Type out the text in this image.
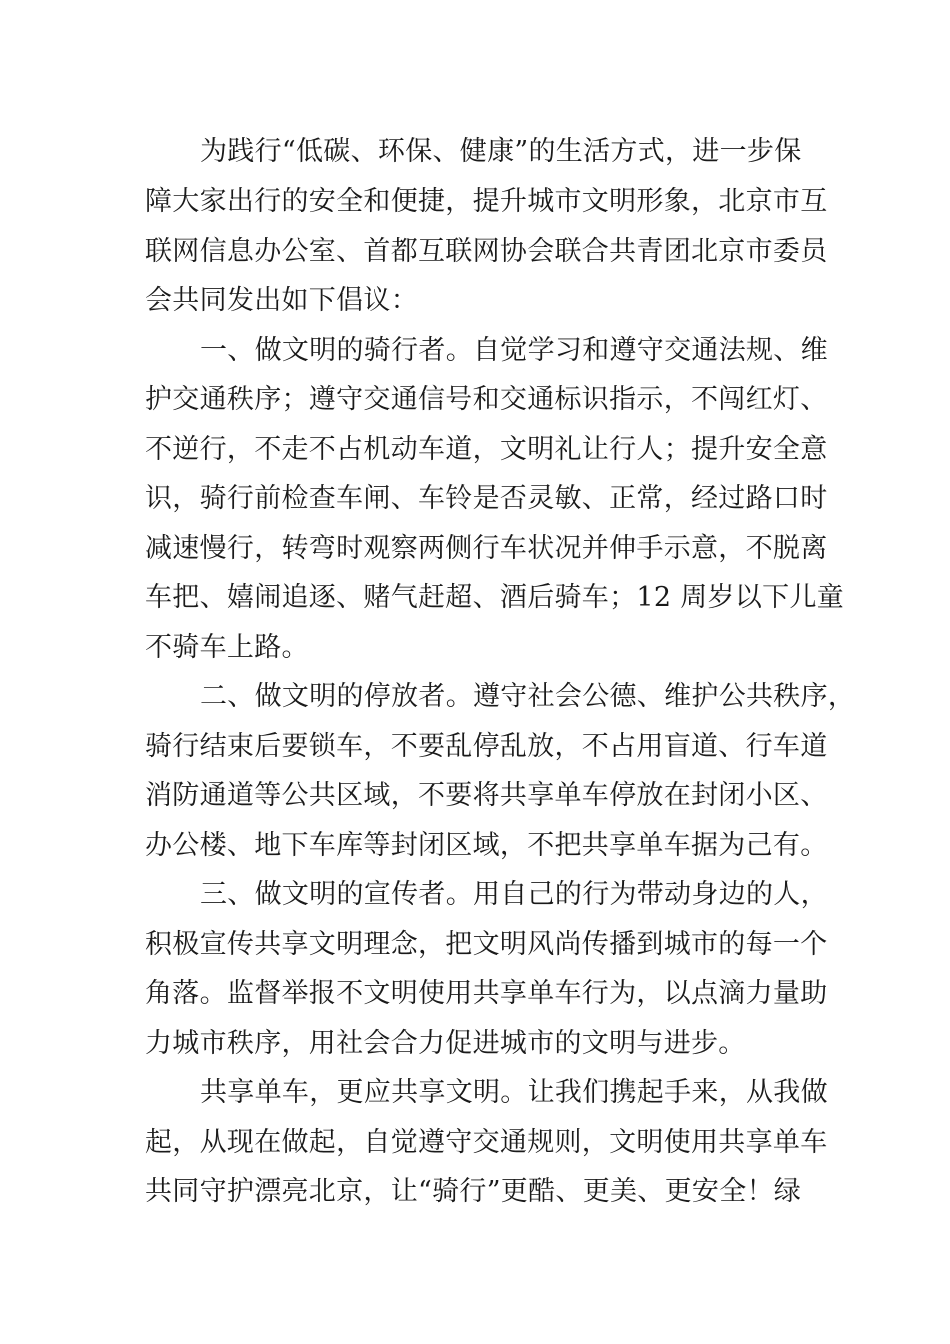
为践行“低碳、环保、健康”的生活方式，进一步保

障大家出行的安全和便捷，提升城市文明形象，北京市互

联网信息办公室、首都互联网协会联合共青团北京市委员

会共同发出如下倡议：

一、做文明的骑行者。自觉学习和遵守交通法规、维

护交通秩序；遵守交通信号和交通标识指示，不闯红灯、

不逆行，不走不占机动车道，文明礼让行人；提升安全意

识，骑行前检查车闸、车铃是否灵敏、正常，经过路口时

减速慢行，转弯时观察两侧行车状况并伸手示意，不脱离

车把、嬉闹追逐、赌气赶超、酒后骑车；12 周岁以下儿童

不骑车上路。

二、做文明的停放者。遵守社会公德、维护公共秩序，

骑行结束后要锁车，不要乱停乱放，不占用盲道、行车道

消防通道等公共区域，不要将共享单车停放在封闭小区、

办公楼、地下车库等封闭区域，不把共享单车据为己有。

三、做文明的宣传者。用自己的行为带动身边的人，

积极宣传共享文明理念，把文明风尚传播到城市的每一个

角落。监督举报不文明使用共享单车行为，以点滴力量助

力城市秩序，用社会合力促进城市的文明与进步。

共享单车，更应共享文明。让我们携起手来，从我做

起，从现在做起，自觉遵守交通规则，文明使用共享单车

共同守护漂亮北京，让“骑行”更酷、更美、更安全！绿
